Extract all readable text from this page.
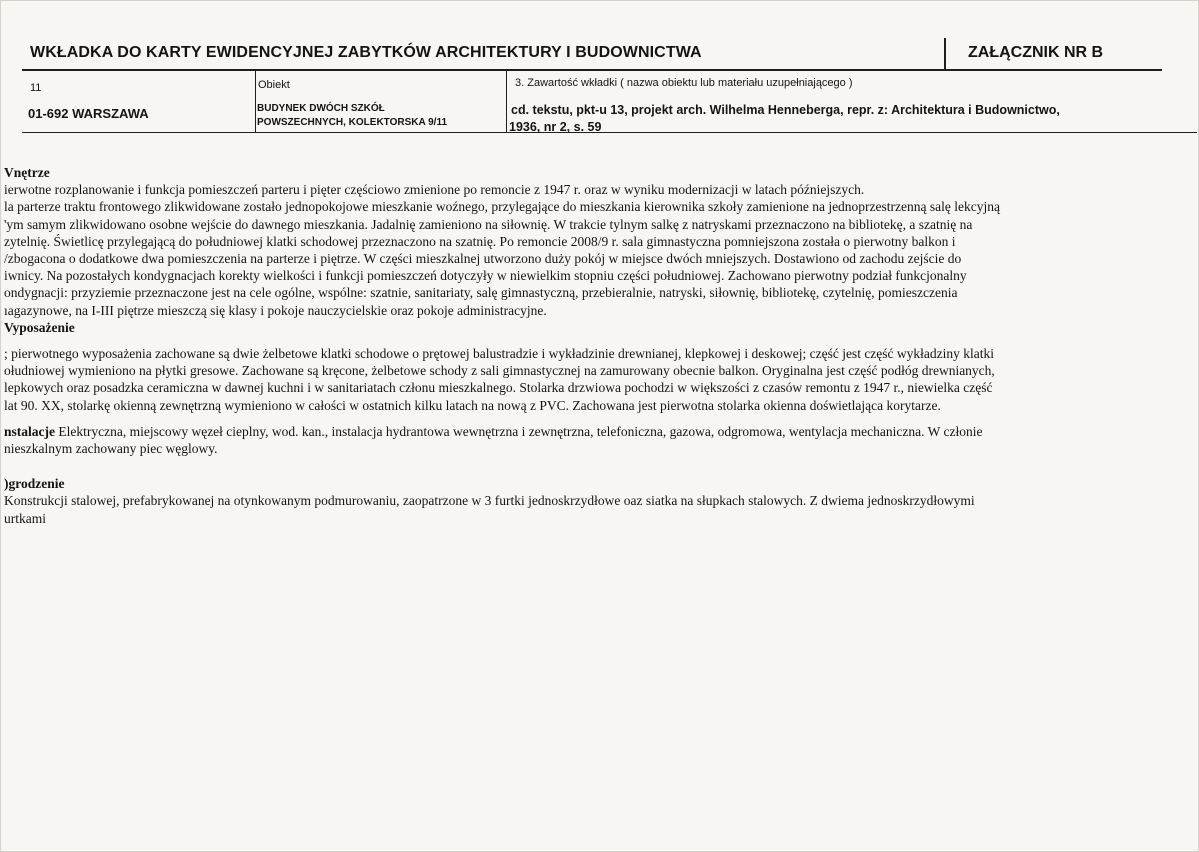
WKŁADKA DO KARTY EWIDENCYJNEJ ZABYTKÓW ARCHITEKTURY I BUDOWNICTWA	ZAŁĄCZNIK NR B

11

01-692 WARSZAWA

Obiekt

BUDYNEK DWÓCH SZKÓŁ

POWSZECHNYCH, KOLEKTORSKA 9/11

3. Zawartość wkładki ( nazwa obiektu lub materiału uzupełniającego )

cd. tekstu, pkt-u 13, projekt arch. Wilhelma Henneberga, repr. z: Architektura i Budownictwo,

1936, nr 2, s. 59

Vnętrze

ierwotne rozplanowanie i funkcja pomieszczeń parteru i pięter częściowo zmienione po remoncie z 1947 r. oraz w wyniku modernizacji w latach późniejszych.

la parterze traktu frontowego zlikwidowane zostało jednopokojowe mieszkanie woźnego, przylegające do mieszkania kierownika szkoły zamienione na jednoprzestrzenną salę lekcyjną

'ym samym zlikwidowano osobne wejście do dawnego mieszkania. Jadalnię zamieniono na siłownię. W trakcie tylnym salkę z natryskami przeznaczono na bibliotekę, a szatnię na

zytelnię. Świetlicę przylegającą do południowej klatki schodowej przeznaczono na szatnię. Po remoncie 2008/9 r. sala gimnastyczna pomniejszona została o pierwotny balkon i

/zbogacona o dodatkowe dwa pomieszczenia na parterze i piętrze. W części mieszkalnej utworzono duży pokój w miejsce dwóch mniejszych. Dostawiono od zachodu zejście do

iwnicy. Na pozostałych kondygnacjach korekty wielkości i funkcji pomieszczeń dotyczyły w niewielkim stopniu części południowej. Zachowano pierwotny podział funkcjonalny

ondygnacji: przyziemie przeznaczone jest na cele ogólne, wspólne: szatnie, sanitariaty, salę gimnastyczną, przebieralnie, natryski, siłownię, bibliotekę, czytelnię, pomieszczenia

ıagazynowe, na I-III piętrze mieszczą się klasy i pokoje nauczycielskie oraz pokoje administracyjne.

Vyposażenie

; pierwotnego wyposażenia zachowane są dwie żelbetowe klatki schodowe o prętowej balustradzie i wykładzinie drewnianej, klepkowej i deskowej; część jest część wykładziny klatki

ołudniowej wymieniono na płytki gresowe. Zachowane są kręcone, żelbetowe schody z sali gimnastycznej na zamurowany obecnie balkon. Oryginalna jest część podłóg drewnianych,

lepkowych oraz posadzka ceramiczna w dawnej kuchni i w sanitariatach członu mieszkalnego. Stolarka drzwiowa pochodzi w większości z czasów remontu z 1947 r., niewielka część

lat 90. XX, stolarkę okienną zewnętrzną wymieniono w całości w ostatnich kilku latach na nową z PVC. Zachowana jest pierwotna stolarka okienna doświetlająca korytarze.

nstalacje Elektryczna, miejscowy węzeł cieplny, wod. kan., instalacja hydrantowa wewnętrzna i zewnętrzna, telefoniczna, gazowa, odgromowa, wentylacja mechaniczna. W członie

nieszkalnym zachowany piec węglowy.

)grodzenie

Konstrukcji stalowej, prefabrykowanej na otynkowanym podmurowaniu, zaopatrzone w 3 furtki jednoskrzydłowe oaz siatka na słupkach stalowych. Z dwiema jednoskrzydłowymi

urtkami
